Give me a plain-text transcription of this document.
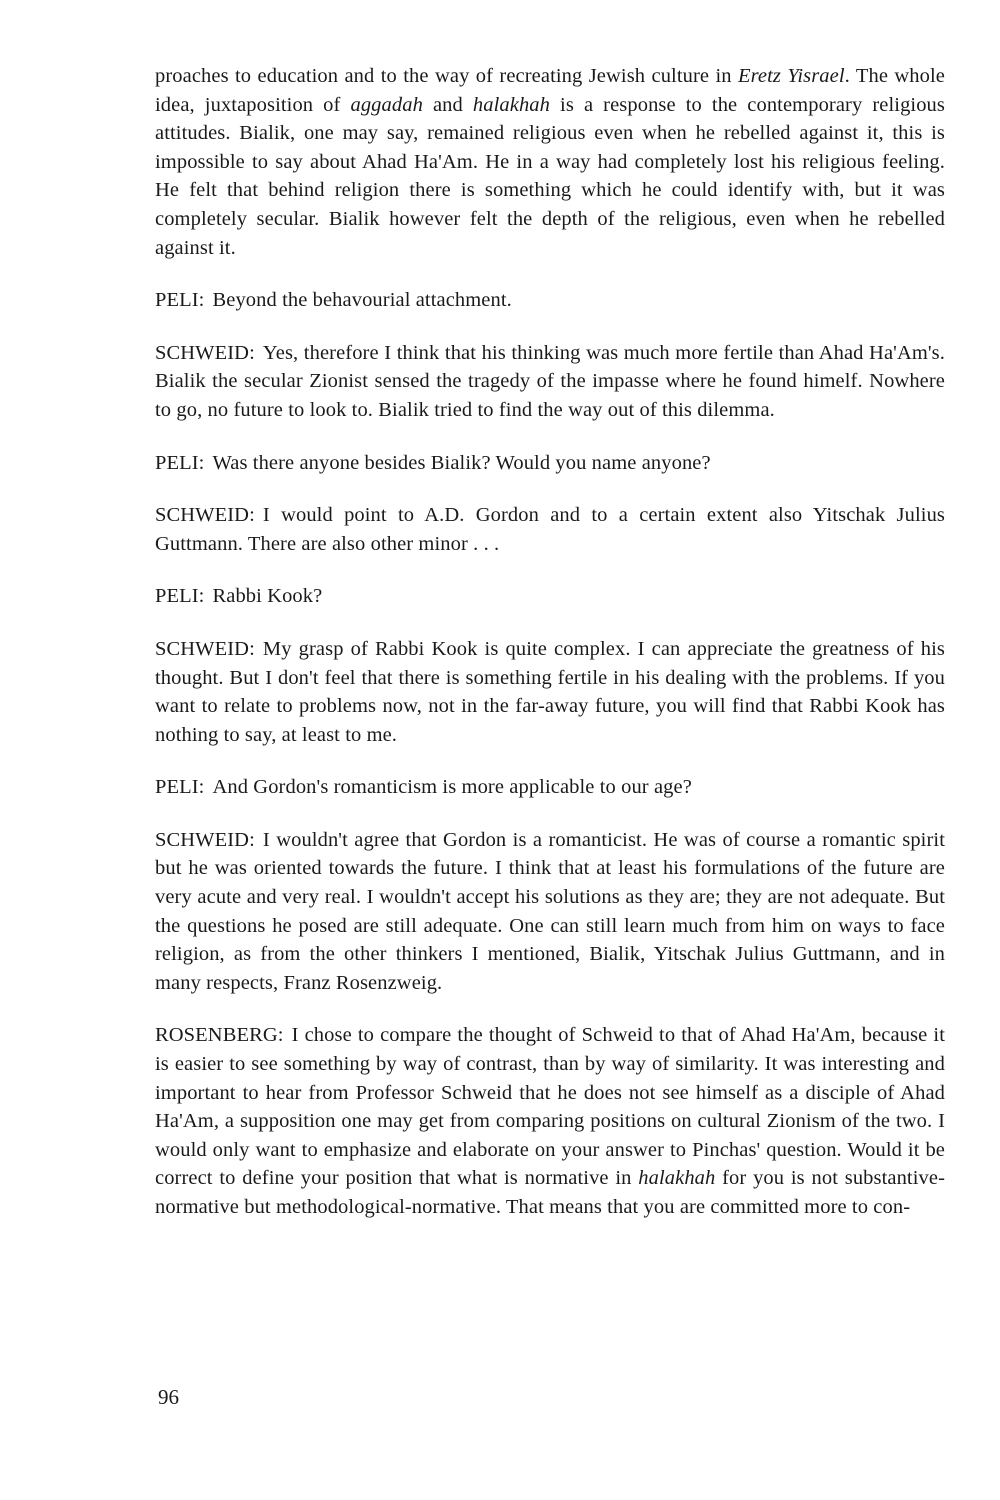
proaches to education and to the way of recreating Jewish culture in Eretz Yisrael. The whole idea, juxtaposition of aggadah and halakhah is a response to the contemporary religious attitudes. Bialik, one may say, remained religious even when he rebelled against it, this is impossible to say about Ahad Ha'Am. He in a way had completely lost his religious feeling. He felt that behind religion there is something which he could identify with, but it was completely secular. Bialik however felt the depth of the religious, even when he rebelled against it.

PELI: Beyond the behavourial attachment.

SCHWEID: Yes, therefore I think that his thinking was much more fertile than Ahad Ha'Am's. Bialik the secular Zionist sensed the tragedy of the impasse where he found himelf. Nowhere to go, no future to look to. Bialik tried to find the way out of this dilemma.

PELI: Was there anyone besides Bialik? Would you name anyone?

SCHWEID: I would point to A.D. Gordon and to a certain extent also Yitschak Julius Guttmann. There are also other minor . . .

PELI: Rabbi Kook?

SCHWEID: My grasp of Rabbi Kook is quite complex. I can appreciate the greatness of his thought. But I don't feel that there is something fertile in his dealing with the problems. If you want to relate to problems now, not in the far-away future, you will find that Rabbi Kook has nothing to say, at least to me.

PELI: And Gordon's romanticism is more applicable to our age?

SCHWEID: I wouldn't agree that Gordon is a romanticist. He was of course a romantic spirit but he was oriented towards the future. I think that at least his formulations of the future are very acute and very real. I wouldn't accept his solutions as they are; they are not adequate. But the questions he posed are still adequate. One can still learn much from him on ways to face religion, as from the other thinkers I mentioned, Bialik, Yitschak Julius Guttmann, and in many respects, Franz Rosenzweig.

ROSENBERG: I chose to compare the thought of Schweid to that of Ahad Ha'Am, because it is easier to see something by way of contrast, than by way of similarity. It was interesting and important to hear from Professor Schweid that he does not see himself as a disciple of Ahad Ha'Am, a supposition one may get from comparing positions on cultural Zionism of the two. I would only want to emphasize and elaborate on your answer to Pinchas' question. Would it be correct to define your position that what is normative in halakhah for you is not substantive-normative but methodological-normative. That means that you are committed more to con-

96
